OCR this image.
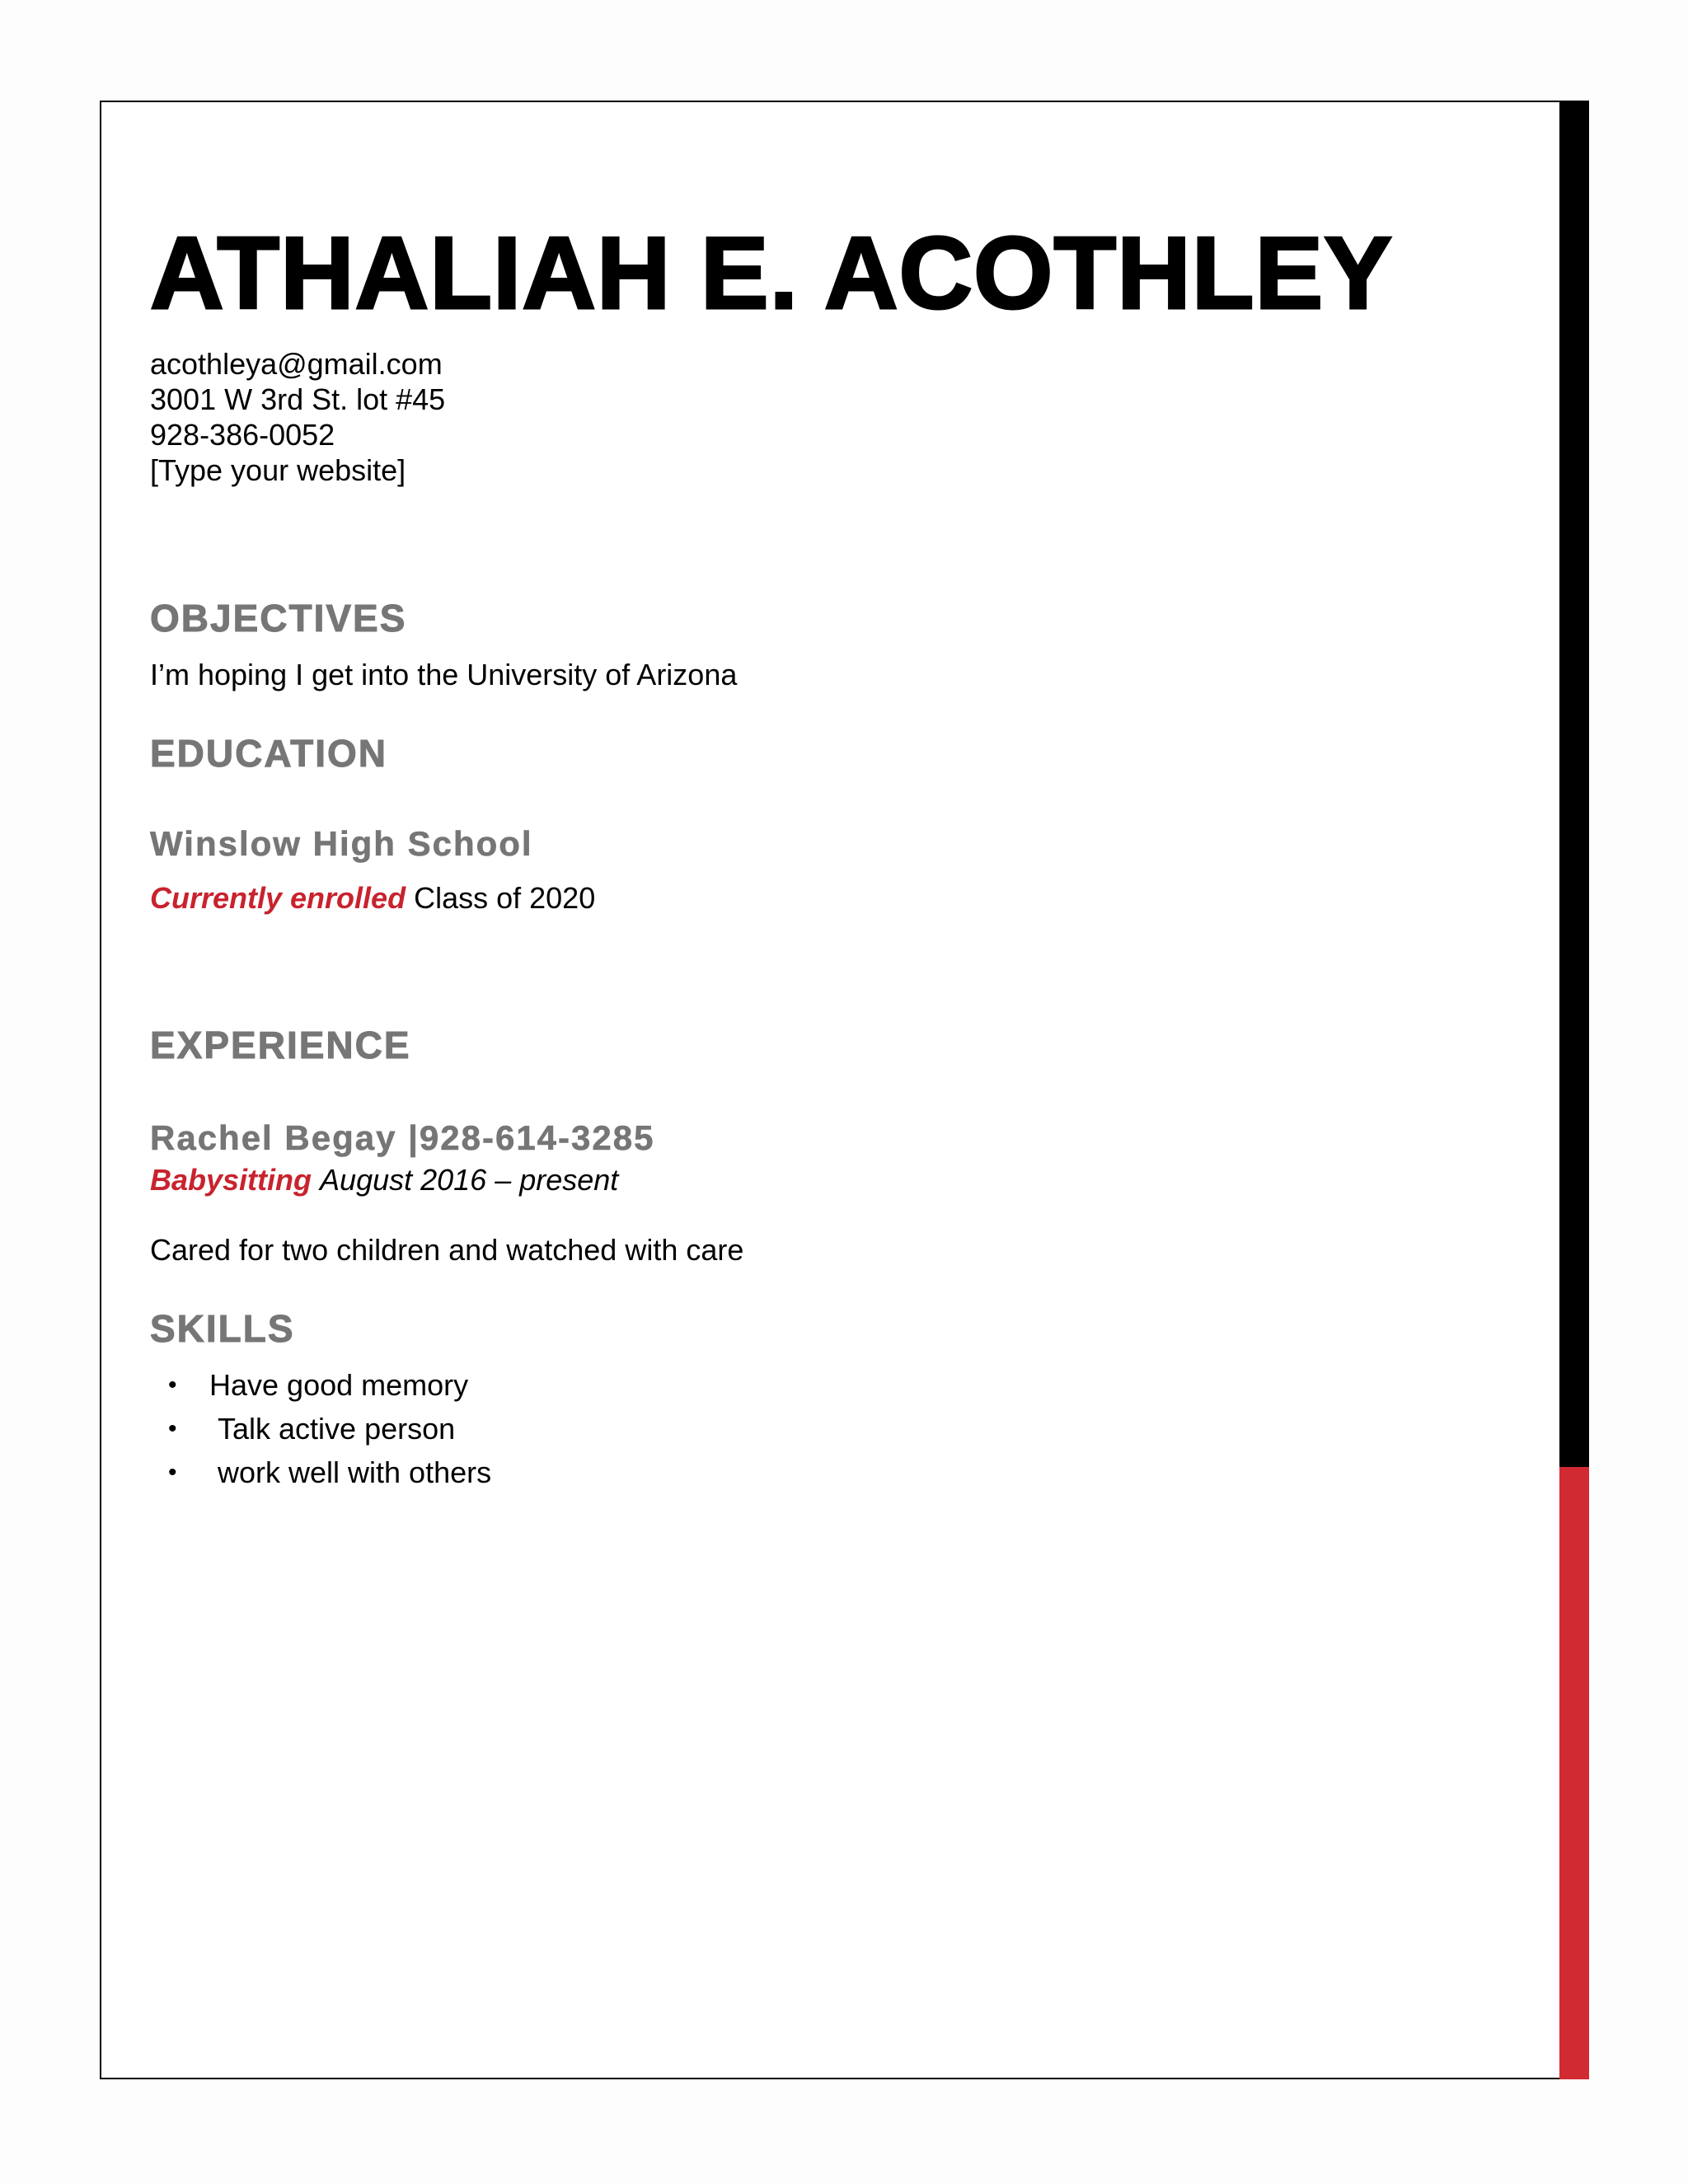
ATHALIAH E. ACOTHLEY
acothleya@gmail.com
3001 W 3rd St. lot #45
928-386-0052
[Type your website]
OBJECTIVES
I’m hoping I get into the University of Arizona
EDUCATION
Winslow High School
Currently enrolled Class of 2020
EXPERIENCE
Rachel Begay |928-614-3285
Babysitting August 2016 – present
Cared for two children and watched with care
SKILLS
• Have good memory
• Talk active person
• work well with others
